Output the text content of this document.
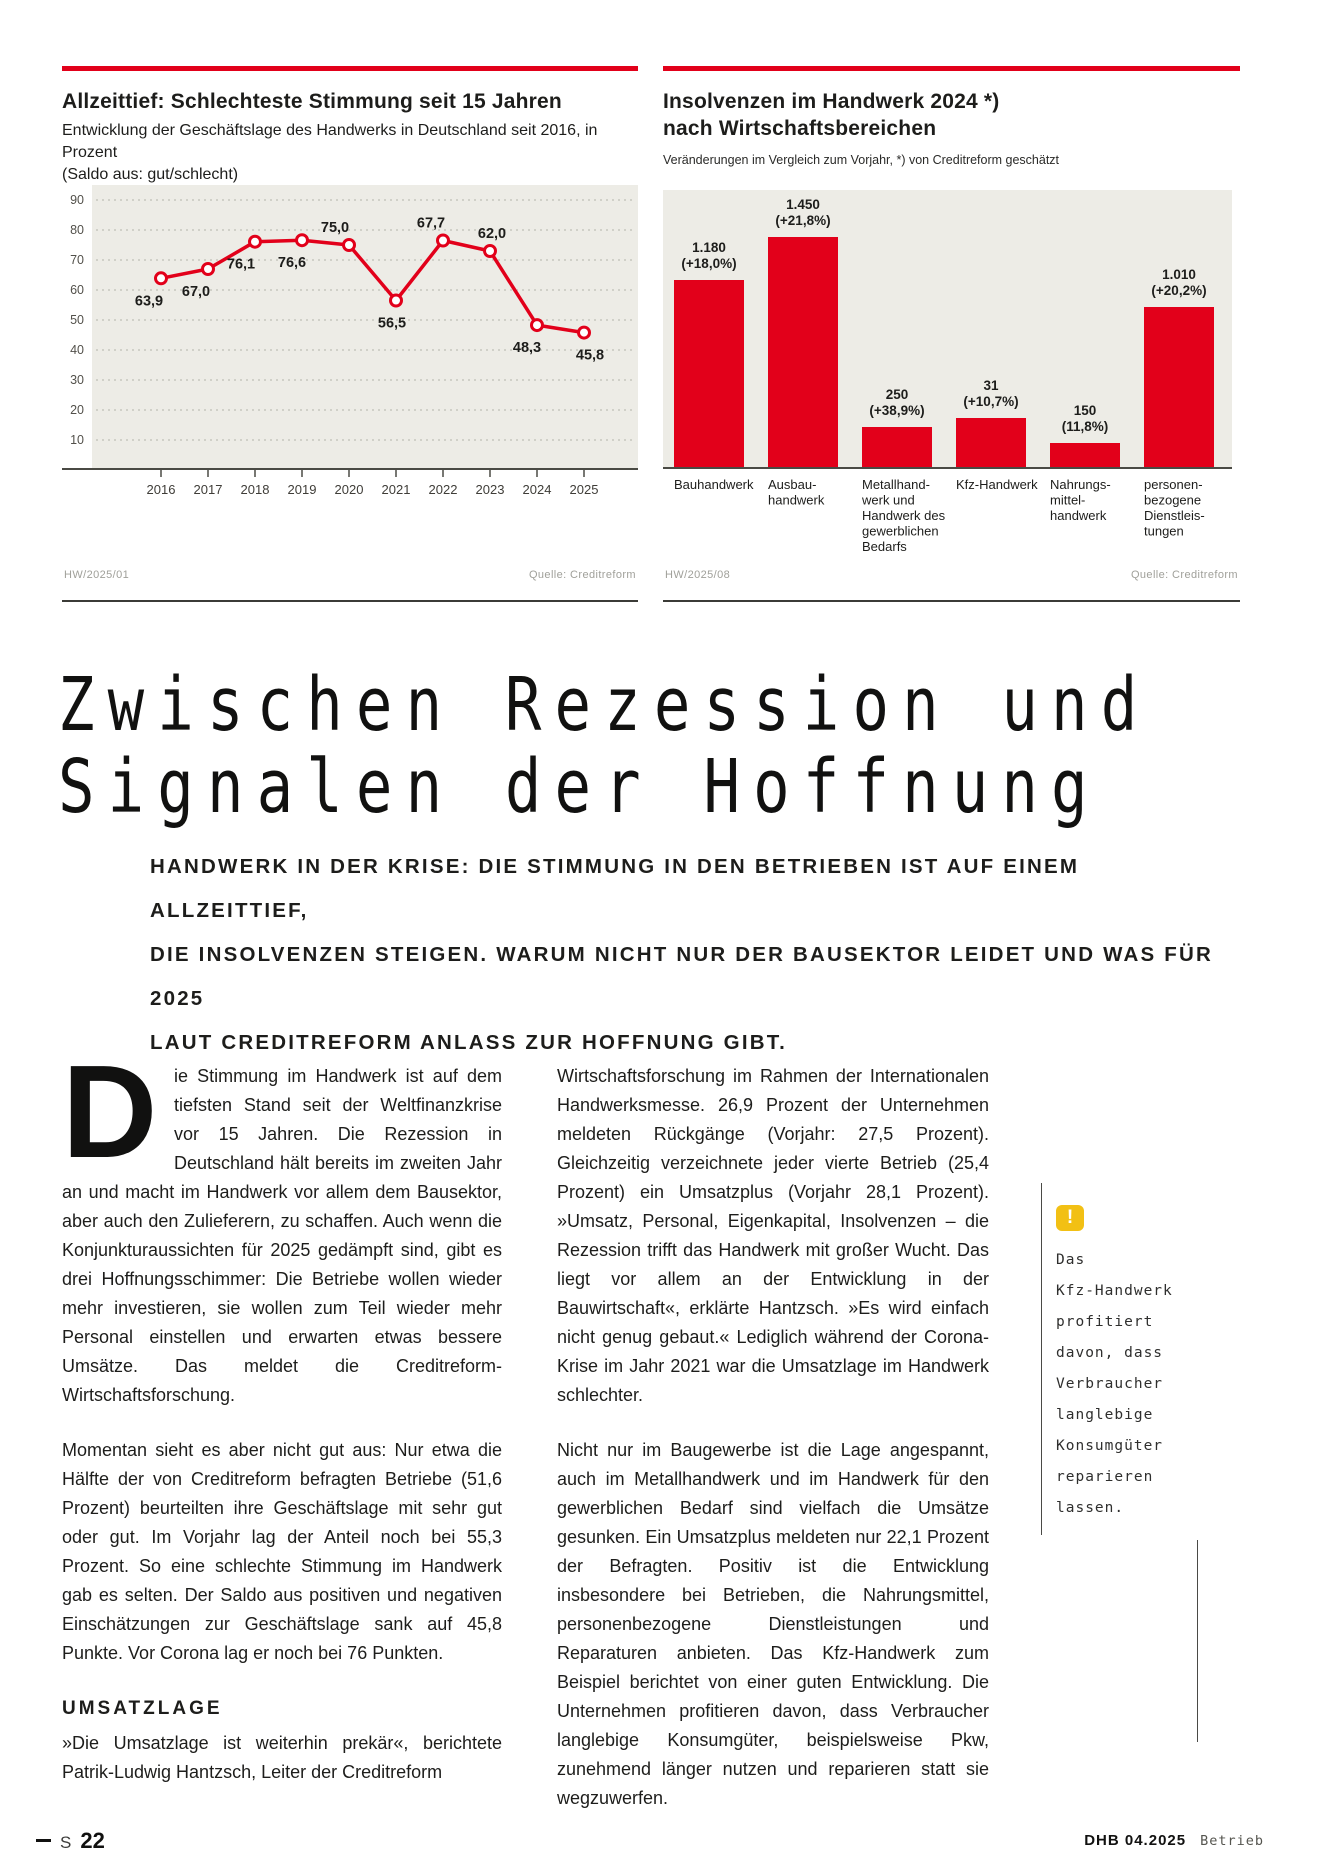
Allzeittief: Schlechteste Stimmung seit 15 Jahren
Entwicklung der Geschäftslage des Handwerks in Deutschland seit 2016, in Prozent
(Saldo aus: gut/schlecht)
90
80
70
60
50
40
30
20
10
2016 2017 2018 2019 2020 2021 2022 2023 2024 2025
63,9
67,0
76,1 76,6
75,0
56,5
67,7
62,0
48,3 45,8
HW/2025/01	Quelle: Creditreform
Insolvenzen im Handwerk 2024 *)
nach Wirtschaftsbereichen
Veränderungen im Vergleich zum Vorjahr, *) von Creditreform geschätzt
1.180
(+18,0%)
Bauhandwerk
1.450
(+21,8%)
Ausbau-
handwerk
250
(+38,9%)
Metallhand-
werk und
Handwerk des
gewerblichen
Bedarfs
31
(+10,7%)
Kfz-Handwerk
150
(11,8%)
Nahrungs-
mittel-
handwerk
1.010
(+20,2%)
personen-
bezogene
Dienstleis-
tungen
HW/2025/08	Quelle: Creditreform
Zwischen Rezession und
Signalen der Hoffnung
HANDWERK IN DER KRISE: DIE STIMMUNG IN DEN BETRIEBEN IST AUF EINEM ALLZEITTIEF,
DIE INSOLVENZEN STEIGEN. WARUM NICHT NUR DER BAUSEKTOR LEIDET UND WAS FÜR 2025
LAUT CREDITREFORM ANLASS ZUR HOFFNUNG GIBT.

D	ie Stimmung im Handwerk ist auf dem tiefsten Stand seit der Weltfinanzkrise vor 15 Jahren. Die Rezession in Deutschland hält bereits im zweiten Jahr an und macht im Handwerk vor allem dem Bausektor, aber auch den Zulieferern, zu schaffen. Auch wenn die Konjunkturaussichten für 2025 gedämpft sind, gibt es drei Hoffnungsschimmer: Die Betriebe wollen wieder mehr investieren, sie wollen zum Teil wieder mehr Personal einstellen und erwarten etwas bessere Umsätze. Das meldet die Creditreform-Wirtschaftsforschung.

Momentan sieht es aber nicht gut aus: Nur etwa die Hälfte der von Creditreform befragten Betriebe (51,6 Prozent) beurteilten ihre Geschäftslage mit sehr gut oder gut. Im Vorjahr lag der Anteil noch bei 55,3 Prozent. So eine schlechte Stimmung im Handwerk gab es selten. Der Saldo aus positiven und negativen Einschätzungen zur Geschäftslage sank auf 45,8 Punkte. Vor Corona lag er noch bei 76 Punkten.

UMSATZLAGE

»Die Umsatzlage ist weiterhin prekär«, berichtete Patrik-Ludwig Hantzsch, Leiter der Creditreform

Wirtschaftsforschung im Rahmen der Internationalen Handwerksmesse. 26,9 Prozent der Unternehmen meldeten Rückgänge (Vorjahr: 27,5 Prozent). Gleichzeitig verzeichnete jeder vierte Betrieb (25,4 Prozent) ein Umsatzplus (Vorjahr 28,1 Prozent). »Umsatz, Personal, Eigenkapital, Insolvenzen – die Rezession trifft das Handwerk mit großer Wucht. Das liegt vor allem an der Entwicklung in der Bauwirtschaft«, erklärte Hantzsch. »Es wird einfach nicht genug gebaut.« Lediglich während der Corona-Krise im Jahr 2021 war die Umsatzlage im Handwerk schlechter.

Nicht nur im Baugewerbe ist die Lage angespannt, auch im Metallhandwerk und im Handwerk für den gewerblichen Bedarf sind vielfach die Umsätze gesunken. Ein Umsatzplus meldeten nur 22,1 Prozent der Befragten. Positiv ist die Entwicklung insbesondere bei Betrieben, die Nahrungsmittel, personenbezogene Dienstleistungen und Reparaturen anbieten. Das Kfz-Handwerk zum Beispiel berichtet von einer guten Entwicklung. Die Unternehmen profitieren davon, dass Verbraucher langlebige Konsumgüter, beispielsweise Pkw, zunehmend länger nutzen und reparieren statt sie wegzuwerfen.

!
Das
Kfz-Handwerk
profitiert
davon, dass
Verbraucher
langlebige
Konsumgüter
reparieren
lassen.
S 22	DHB 04.2025 Betrieb
